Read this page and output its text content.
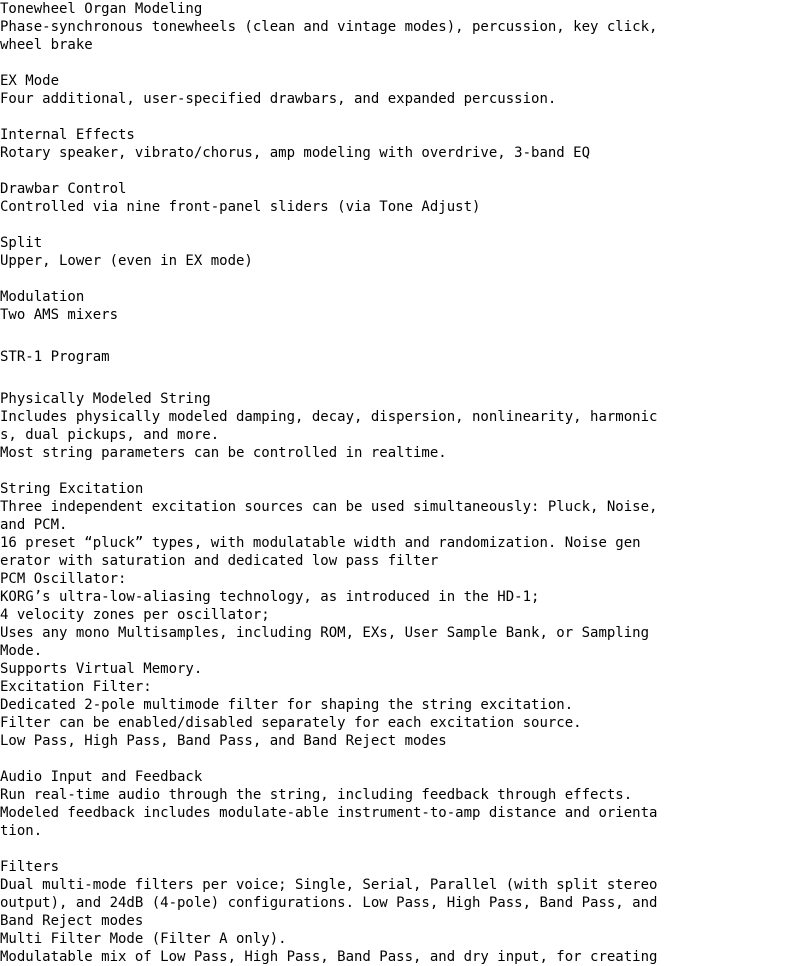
Tonewheel Organ Modeling
Phase-synchronous tonewheels (clean and vintage modes), percussion, key click,
wheel brake
EX Mode
Four additional, user-specified drawbars, and expanded percussion.
Internal Effects
Rotary speaker, vibrato/chorus, amp modeling with overdrive, 3-band EQ
Drawbar Control
Controlled via nine front-panel sliders (via Tone Adjust)
Split
Upper, Lower (even in EX mode)
Modulation
Two AMS mixers
STR-1 Program
Physically Modeled String
Includes physically modeled damping, decay, dispersion, nonlinearity, harmonic
s, dual pickups, and more.
Most string parameters can be controlled in realtime.
String Excitation
Three independent excitation sources can be used simultaneously: Pluck, Noise,
and PCM.
16 preset “pluck” types, with modulatable width and randomization. Noise gen
erator with saturation and dedicated low pass filter
PCM Oscillator:
KORG’s ultra-low-aliasing technology, as introduced in the HD-1;
4 velocity zones per oscillator;
Uses any mono Multisamples, including ROM, EXs, User Sample Bank, or Sampling
Mode.
Supports Virtual Memory.
Excitation Filter:
Dedicated 2-pole multimode filter for shaping the string excitation.
Filter can be enabled/disabled separately for each excitation source.
Low Pass, High Pass, Band Pass, and Band Reject modes
Audio Input and Feedback
Run real-time audio through the string, including feedback through effects.
Modeled feedback includes modulate-able instrument-to-amp distance and orienta
tion.
Filters
Dual multi-mode filters per voice; Single, Serial, Parallel (with split stereo
output), and 24dB (4-pole) configurations. Low Pass, High Pass, Band Pass, and
Band Reject modes
Multi Filter Mode (Filter A only).
Modulatable mix of Low Pass, High Pass, Band Pass, and dry input, for creating
